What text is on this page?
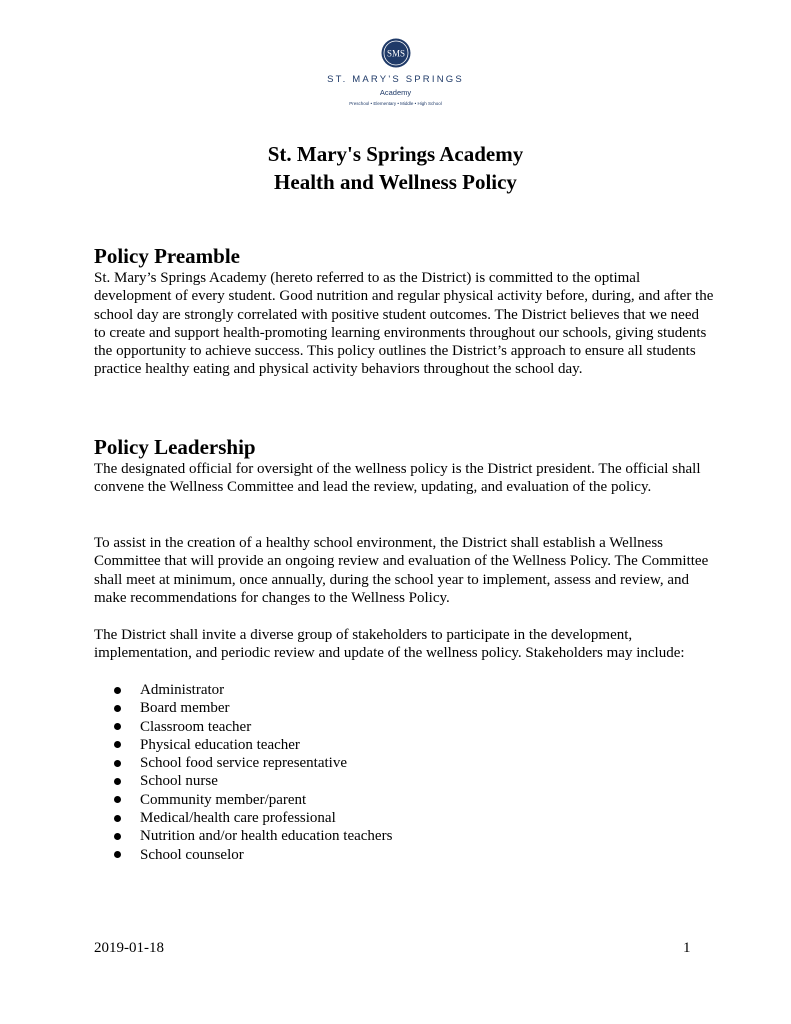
SMS
ST. MARY'S SPRINGS
Academy
Preschool • Elementary • Middle • High School
St. Mary's Springs Academy
Health and Wellness Policy
Policy Preamble

St. Mary’s Springs Academy (hereto referred to as the District) is committed to the optimal development of every student. Good nutrition and regular physical activity before, during, and after the school day are strongly correlated with positive student outcomes. The District believes that we need to create and support health-promoting learning environments throughout our schools, giving students the opportunity to achieve success. This policy outlines the District’s approach to ensure all students practice healthy eating and physical activity behaviors throughout the school day.

Policy Leadership

The designated official for oversight of the wellness policy is the District president. The official shall convene the Wellness Committee and lead the review, updating, and evaluation of the policy.

To assist in the creation of a healthy school environment, the District shall establish a Wellness Committee that will provide an ongoing review and evaluation of the Wellness Policy. The Committee shall meet at minimum, once annually, during the school year to implement, assess and review, and make recommendations for changes to the Wellness Policy.

The District shall invite a diverse group of stakeholders to participate in the development, implementation, and periodic review and update of the wellness policy. Stakeholders may include:

Administrator
Board member
Classroom teacher
Physical education teacher
School food service representative
School nurse
Community member/parent
Medical/health care professional
Nutrition and/or health education teachers
School counselor
2019-01-18	1
